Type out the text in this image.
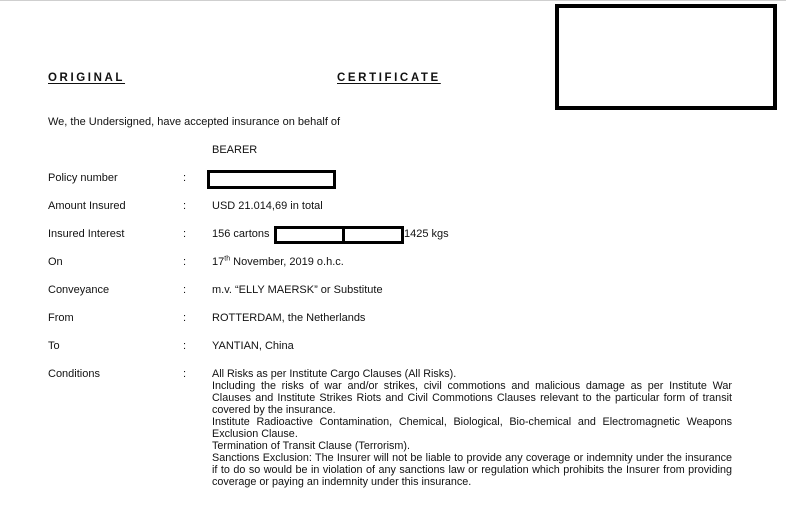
ORIGINAL	CERTIFICATE
We, the Undersigned, have accepted insurance on behalf of
BEARER
Policy number	:
Amount Insured	: USD 21.014,69 in total
Insured Interest	: 156 cartons	1425 kgs
On	: 17th November, 2019 o.h.c.
Conveyance	: m.v. “ELLY MAERSK” or Substitute
From	: ROTTERDAM, the Netherlands
To	: YANTIAN, China
Conditions	: All Risks as per Institute Cargo Clauses (All Risks).

Including the risks of war and/or strikes, civil commotions and malicious damage as per Institute War Clauses and Institute Strikes Riots and Civil Commotions Clauses relevant to the particular form of transit covered by the insurance.

Institute Radioactive Contamination, Chemical, Biological, Bio-chemical and Electromagnetic Weapons Exclusion Clause.

Termination of Transit Clause (Terrorism).

Sanctions Exclusion: The Insurer will not be liable to provide any coverage or indemnity under the insurance if to do so would be in violation of any sanctions law or regulation which prohibits the Insurer from providing coverage or paying an indemnity under this insurance.
